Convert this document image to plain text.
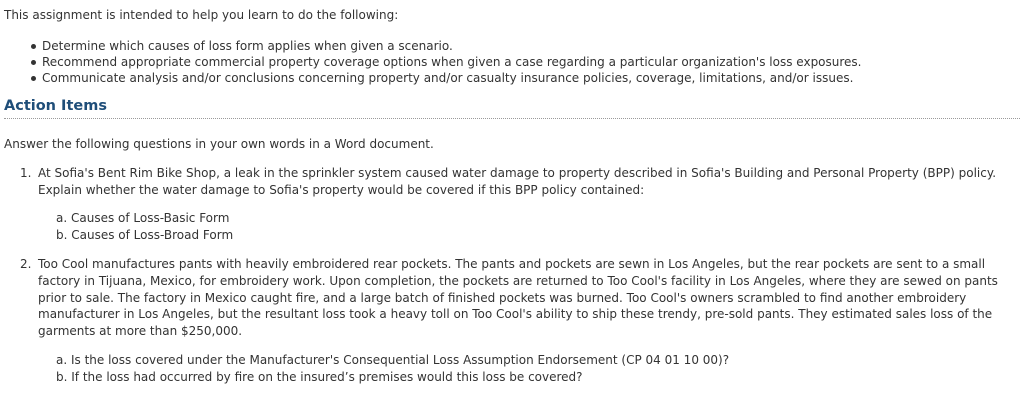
This assignment is intended to help you learn to do the following:
Determine which causes of loss form applies when given a scenario.
Recommend appropriate commercial property coverage options when given a case regarding a particular organization's loss exposures.
Communicate analysis and/or conclusions concerning property and/or casualty insurance policies, coverage, limitations, and/or issues.
Action Items
Answer the following questions in your own words in a Word document.
1. At Sofia's Bent Rim Bike Shop, a leak in the sprinkler system caused water damage to property described in Sofia's Building and Personal Property (BPP) policy. Explain whether the water damage to Sofia's property would be covered if this BPP policy contained:
a. Causes of Loss-Basic Form
b. Causes of Loss-Broad Form
2. Too Cool manufactures pants with heavily embroidered rear pockets. The pants and pockets are sewn in Los Angeles, but the rear pockets are sent to a small factory in Tijuana, Mexico, for embroidery work. Upon completion, the pockets are returned to Too Cool's facility in Los Angeles, where they are sewed on pants prior to sale. The factory in Mexico caught fire, and a large batch of finished pockets was burned. Too Cool's owners scrambled to find another embroidery manufacturer in Los Angeles, but the resultant loss took a heavy toll on Too Cool's ability to ship these trendy, pre-sold pants. They estimated sales loss of the garments at more than $250,000.
a. Is the loss covered under the Manufacturer's Consequential Loss Assumption Endorsement (CP 04 01 10 00)?
b. If the loss had occurred by fire on the insured’s premises would this loss be covered?
